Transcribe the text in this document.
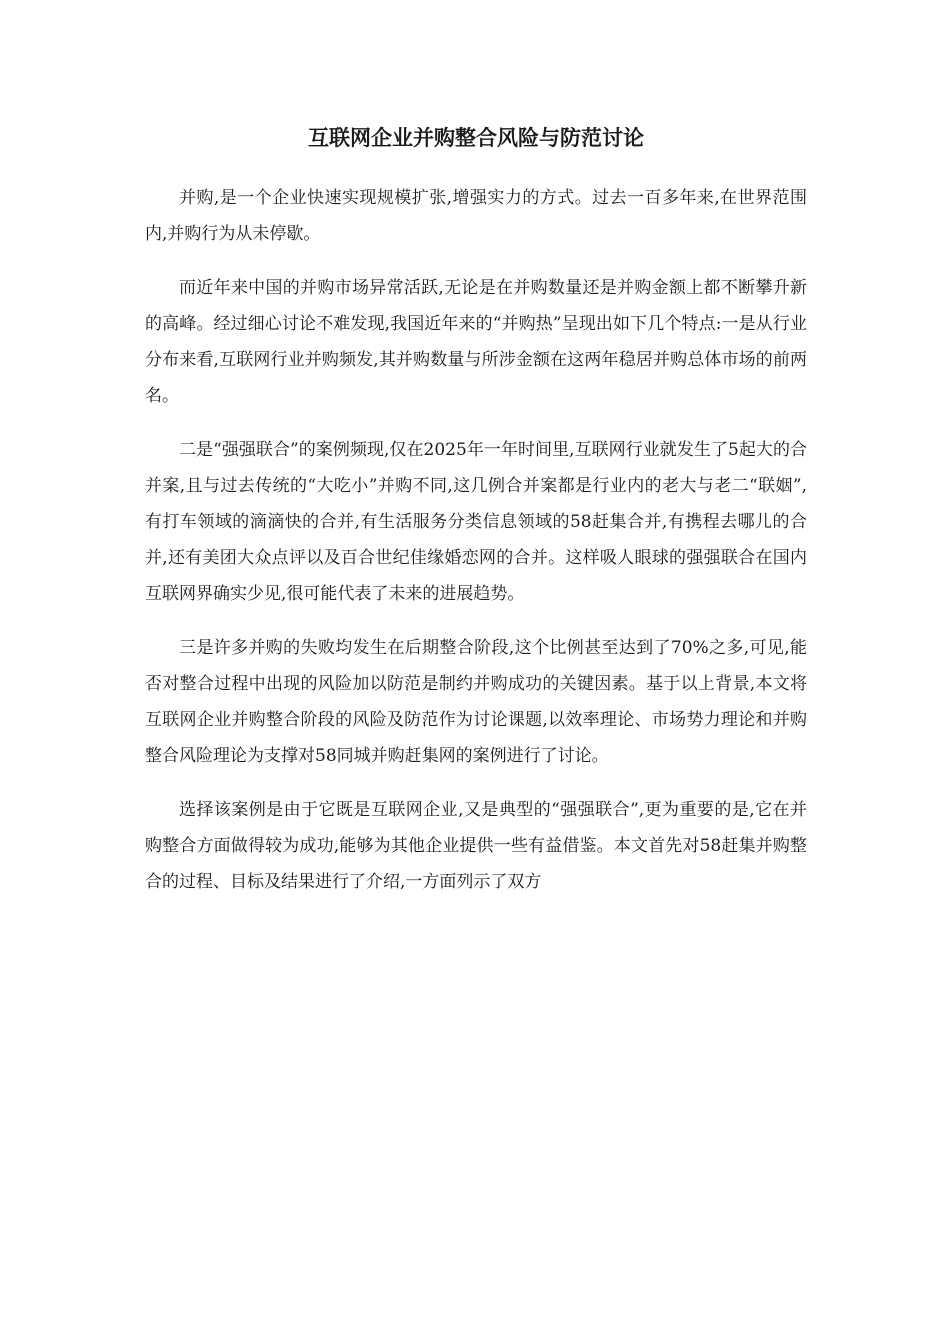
互联网企业并购整合风险与防范讨论

并购,是一个企业快速实现规模扩张,增强实力的方式。过去一百多年来,在世界范围内,并购行为从未停歇。

而近年来中国的并购市场异常活跃,无论是在并购数量还是并购金额上都不断攀升新的高峰。经过细心讨论不难发现,我国近年来的“并购热”呈现出如下几个特点:一是从行业分布来看,互联网行业并购频发,其并购数量与所涉金额在这两年稳居并购总体市场的前两名。

二是“强强联合”的案例频现,仅在2025年一年时间里,互联网行业就发生了5起大的合并案,且与过去传统的“大吃小”并购不同,这几例合并案都是行业内的老大与老二“联姻”,有打车领域的滴滴快的合并,有生活服务分类信息领域的58赶集合并,有携程去哪儿的合并,还有美团大众点评以及百合世纪佳缘婚恋网的合并。这样吸人眼球的强强联合在国内互联网界确实少见,很可能代表了未来的进展趋势。

三是许多并购的失败均发生在后期整合阶段,这个比例甚至达到了70%之多,可见,能否对整合过程中出现的风险加以防范是制约并购成功的关键因素。基于以上背景,本文将互联网企业并购整合阶段的风险及防范作为讨论课题,以效率理论、市场势力理论和并购整合风险理论为支撑对58同城并购赶集网的案例进行了讨论。

选择该案例是由于它既是互联网企业,又是典型的“强强联合”,更为重要的是,它在并购整合方面做得较为成功,能够为其他企业提供一些有益借鉴。本文首先对58赶集并购整合的过程、目标及结果进行了介绍,一方面列示了双方
